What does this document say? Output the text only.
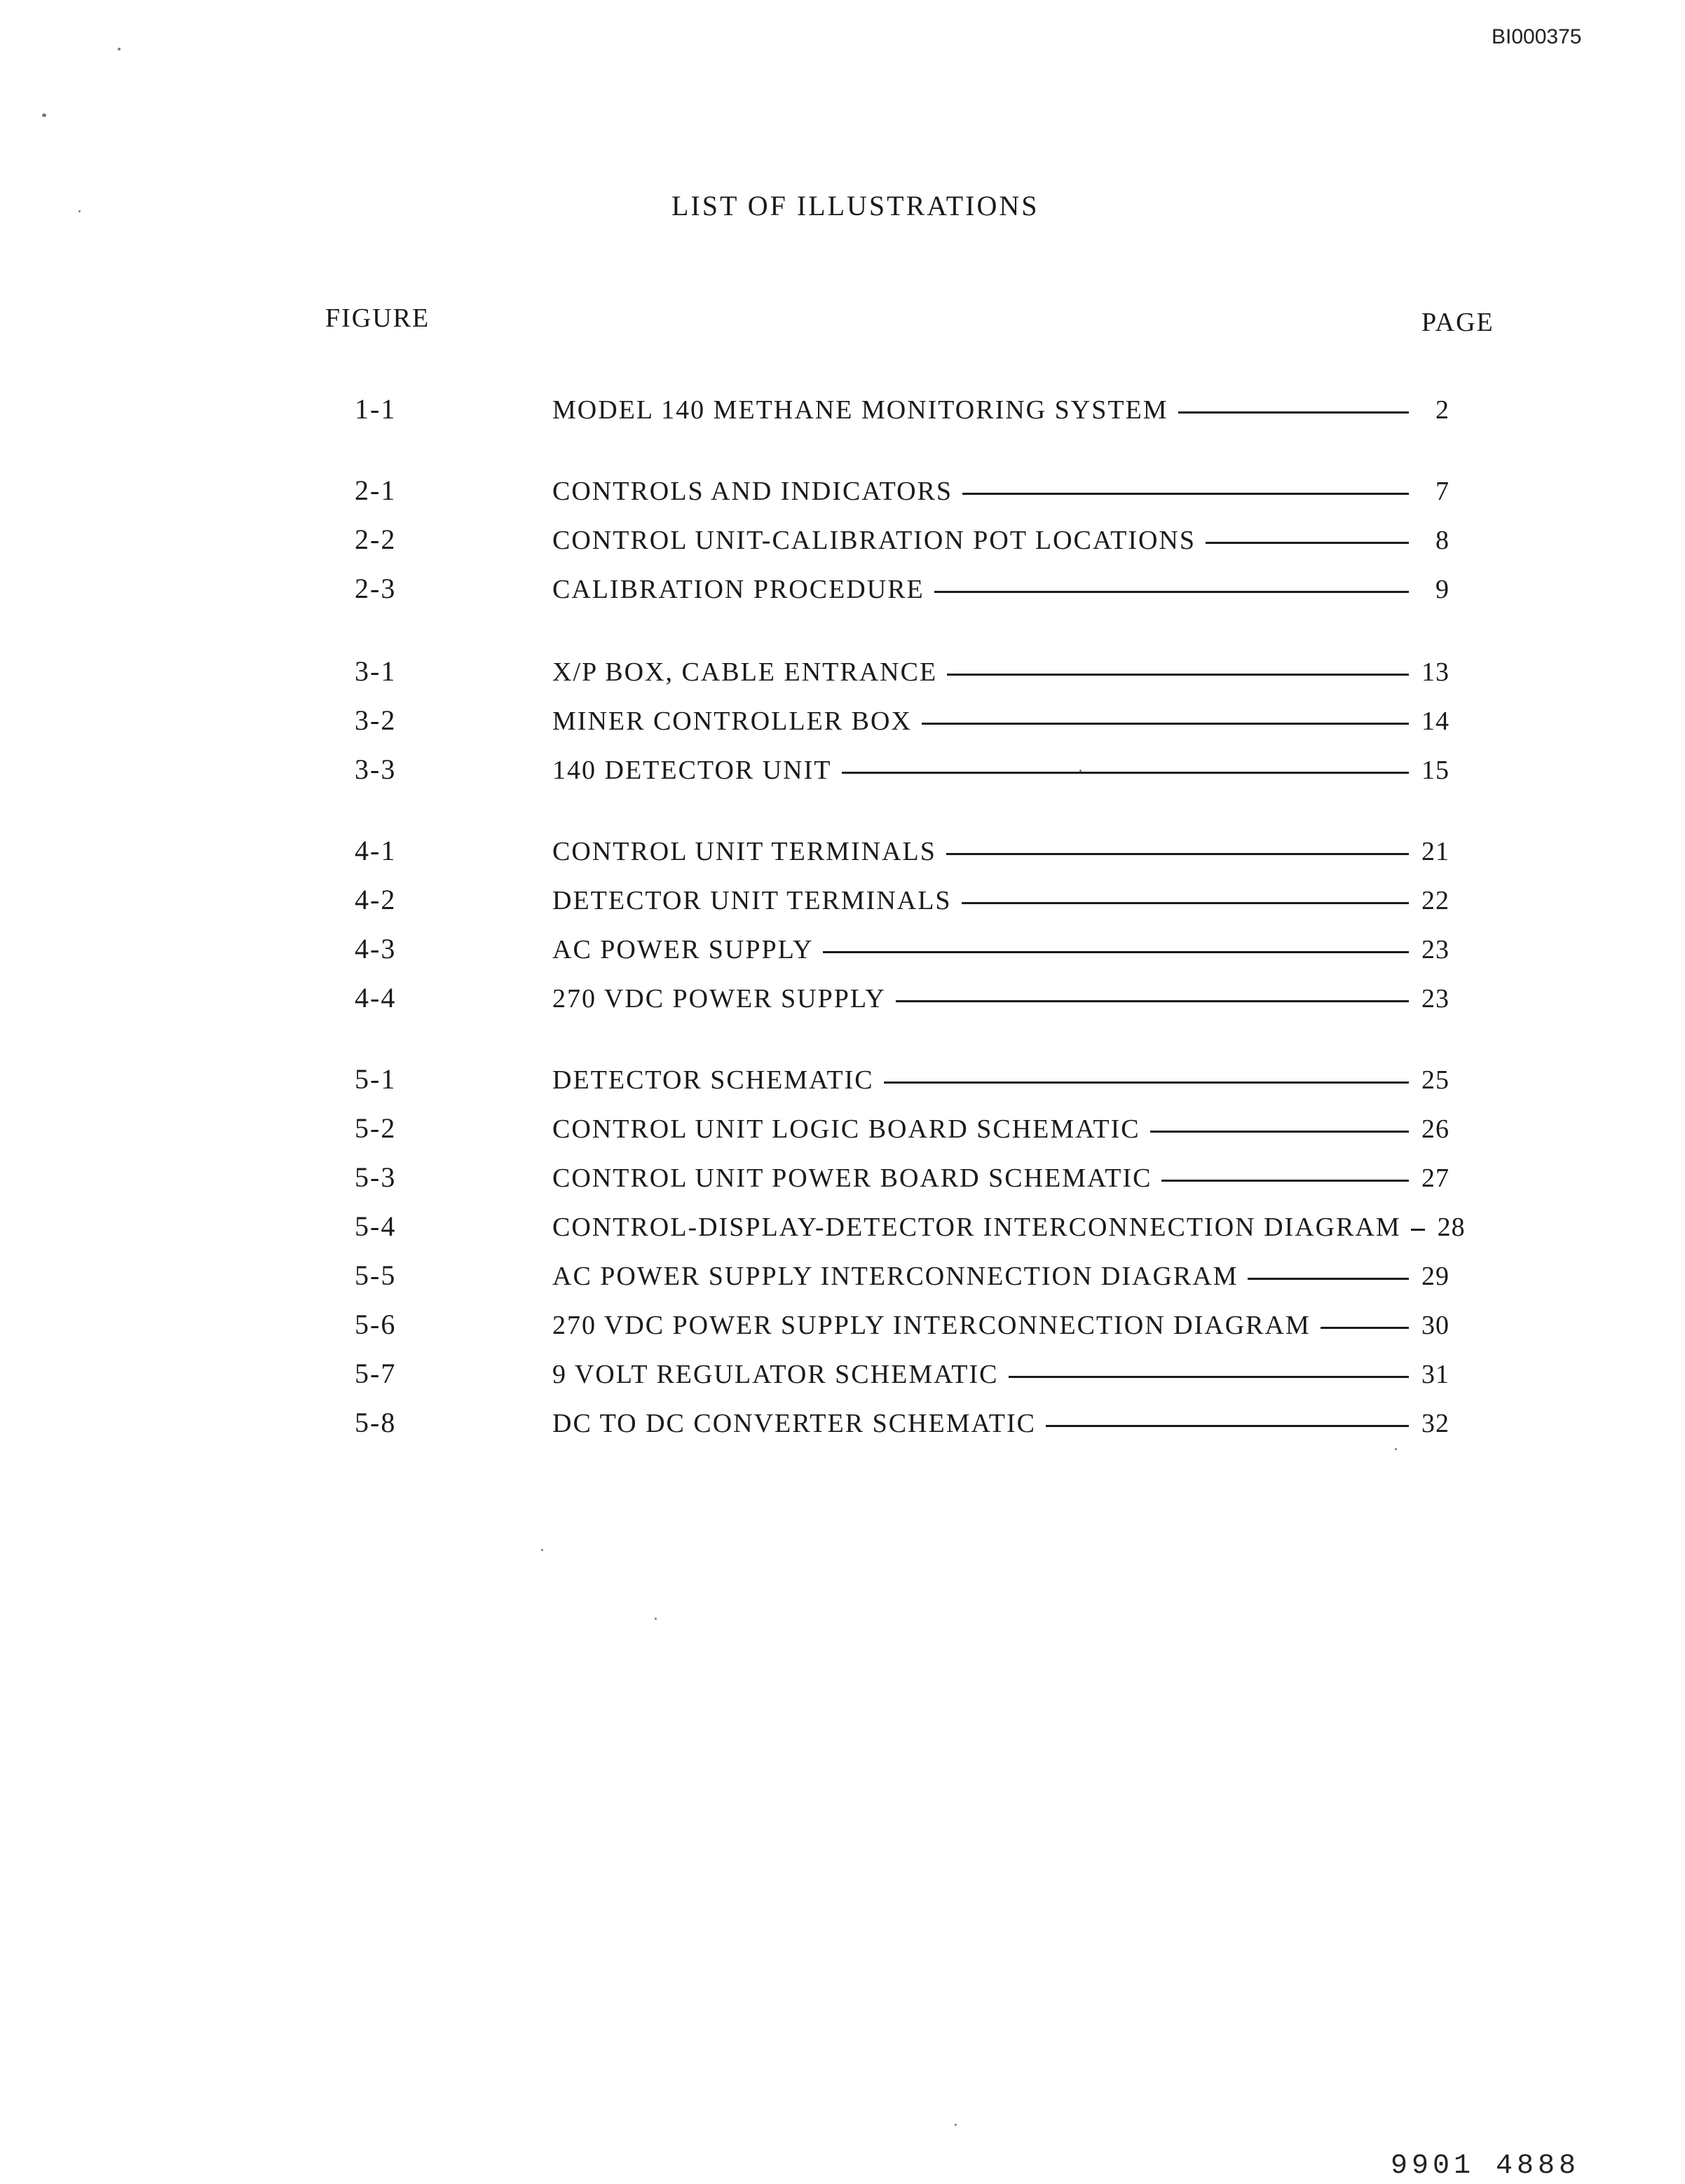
BI000375
LIST OF ILLUSTRATIONS
FIGURE	PAGE
1-1	MODEL 140 METHANE MONITORING SYSTEM	2
2-1	CONTROLS AND INDICATORS	7
2-2	CONTROL UNIT-CALIBRATION POT LOCATIONS	8
2-3	CALIBRATION PROCEDURE	9
3-1	X/P BOX, CABLE ENTRANCE	13
3-2	MINER CONTROLLER BOX	14
3-3	140 DETECTOR UNIT	15
4-1	CONTROL UNIT TERMINALS	21
4-2	DETECTOR UNIT TERMINALS	22
4-3	AC POWER SUPPLY	23
4-4	270 VDC POWER SUPPLY	23
5-1	DETECTOR SCHEMATIC	25
5-2	CONTROL UNIT LOGIC BOARD SCHEMATIC	26
5-3	CONTROL UNIT POWER BOARD SCHEMATIC	27
5-4	CONTROL-DISPLAY-DETECTOR INTERCONNECTION DIAGRAM 28
5-5	AC POWER SUPPLY INTERCONNECTION DIAGRAM	29
5-6	270 VDC POWER SUPPLY INTERCONNECTION DIAGRAM	30
5-7	9 VOLT REGULATOR SCHEMATIC	31
5-8	DC TO DC CONVERTER SCHEMATIC	32
9901 4888
